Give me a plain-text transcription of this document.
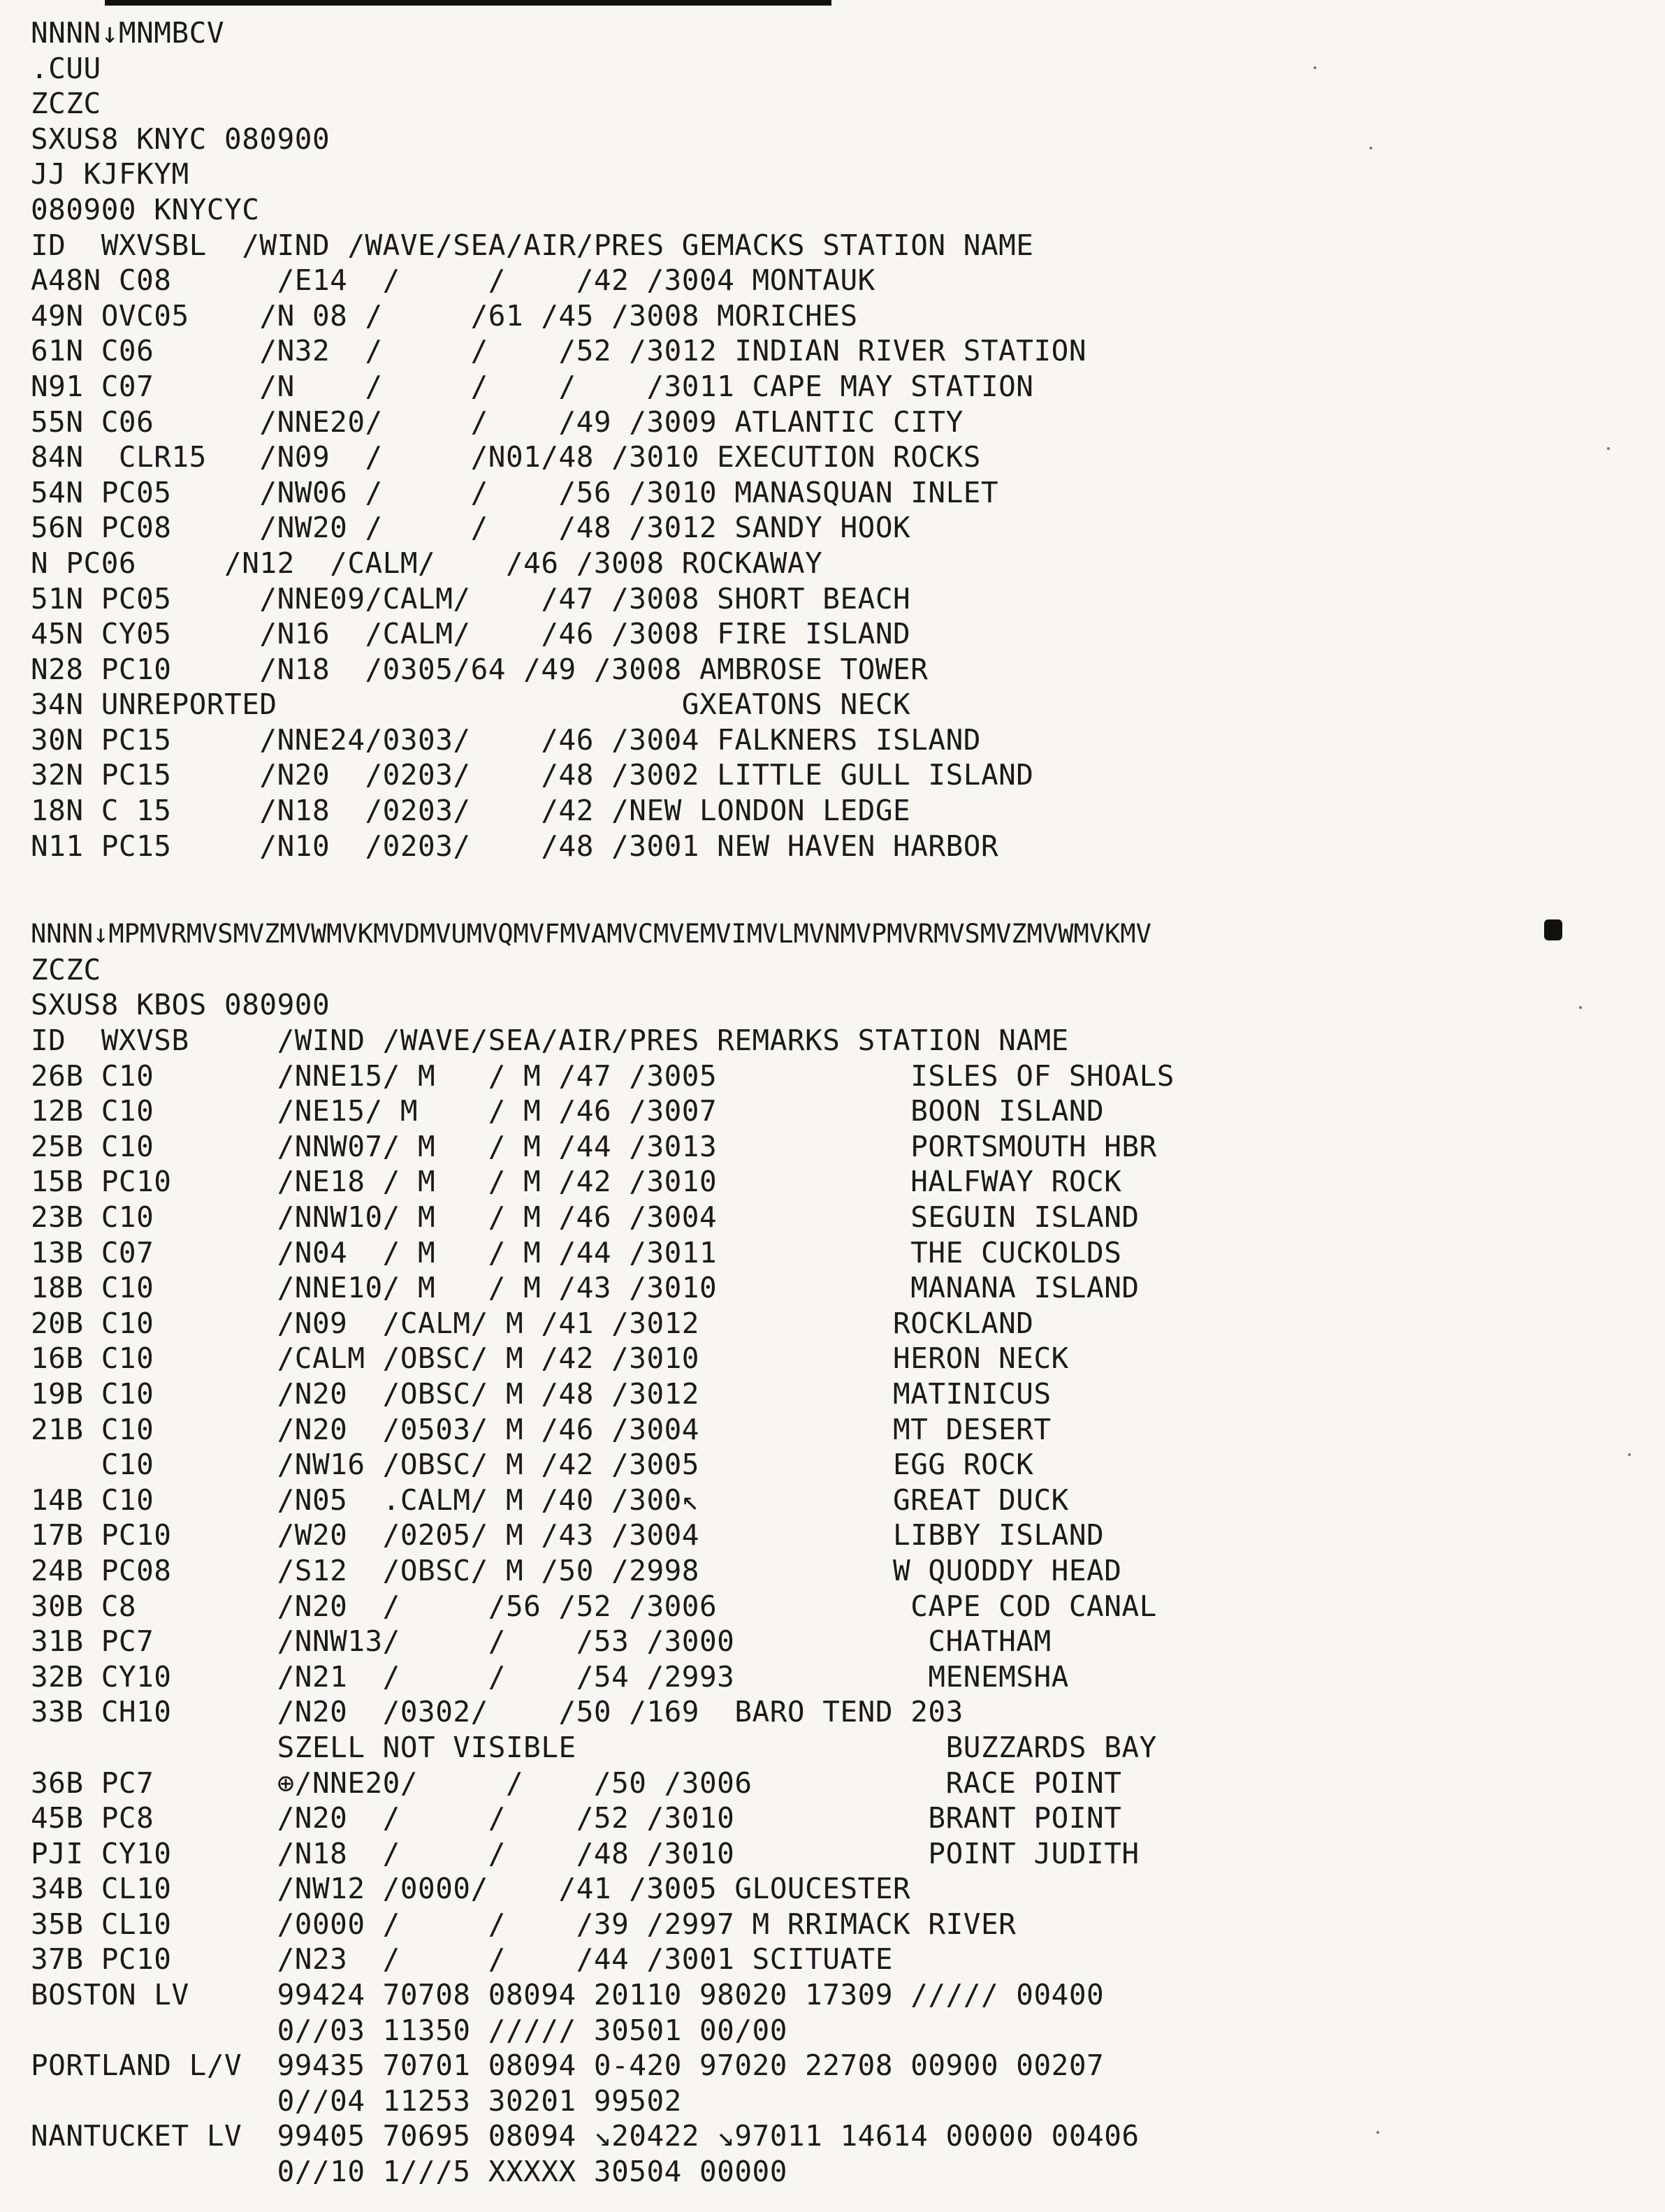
NNNN↓MNMBCV
.CUU
ZCZC
SXUS8 KNYC 080900
JJ KJFKYM
080900 KNYCYC
ID  WXVSBL  /WIND /WAVE/SEA/AIR/PRES GEMACKS STATION NAME
A48N C08      /E14  /     /    /42 /3004 MONTAUK
49N OVC05    /N 08 /     /61 /45 /3008 MORICHES
61N C06      /N32  /     /    /52 /3012 INDIAN RIVER STATION
N91 C07      /N    /     /    /    /3011 CAPE MAY STATION
55N C06      /NNE20/     /    /49 /3009 ATLANTIC CITY
84N  CLR15   /N09  /     /N01/48 /3010 EXECUTION ROCKS
54N PC05     /NW06 /     /    /56 /3010 MANASQUAN INLET
56N PC08     /NW20 /     /    /48 /3012 SANDY HOOK
N PC06     /N12  /CALM/    /46 /3008 ROCKAWAY
51N PC05     /NNE09/CALM/    /47 /3008 SHORT BEACH
45N CY05     /N16  /CALM/    /46 /3008 FIRE ISLAND
N28 PC10     /N18  /0305/64 /49 /3008 AMBROSE TOWER
34N UNREPORTED                       GXEATONS NECK
30N PC15     /NNE24/0303/    /46 /3004 FALKNERS ISLAND
32N PC15     /N20  /0203/    /48 /3002 LITTLE GULL ISLAND
18N C 15     /N18  /0203/    /42 /NEW LONDON LEDGE
N11 PC15     /N10  /0203/    /48 /3001 NEW HAVEN HARBOR
NNNN↓MPMVRMVSMVZMVWMVKMVDMVUMVQMVFMVAMVCMVEMVIMVLMVNMVPMVRMVSMVZMVWMVKMV
ZCZC
SXUS8 KBOS 080900
ID  WXVSB     /WIND /WAVE/SEA/AIR/PRES REMARKS STATION NAME
26B C10       /NNE15/ M   / M /47 /3005           ISLES OF SHOALS
12B C10       /NE15/ M    / M /46 /3007           BOON ISLAND
25B C10       /NNW07/ M   / M /44 /3013           PORTSMOUTH HBR
15B PC10      /NE18 / M   / M /42 /3010           HALFWAY ROCK
23B C10       /NNW10/ M   / M /46 /3004           SEGUIN ISLAND
13B C07       /N04  / M   / M /44 /3011           THE CUCKOLDS
18B C10       /NNE10/ M   / M /43 /3010           MANANA ISLAND
20B C10       /N09  /CALM/ M /41 /3012           ROCKLAND
16B C10       /CALM /OBSC/ M /42 /3010           HERON NECK
19B C10       /N20  /OBSC/ M /48 /3012           MATINICUS
21B C10       /N20  /0503/ M /46 /3004           MT DESERT
C10       /NW16 /OBSC/ M /42 /3005           EGG ROCK
14B C10       /N05  .CALM/ M /40 /300↖           GREAT DUCK
17B PC10      /W20  /0205/ M /43 /3004           LIBBY ISLAND
24B PC08      /S12  /OBSC/ M /50 /2998           W QUODDY HEAD
30B C8        /N20  /     /56 /52 /3006           CAPE COD CANAL
31B PC7       /NNW13/     /    /53 /3000           CHATHAM
32B CY10      /N21  /     /    /54 /2993           MENEMSHA
33B CH10      /N20  /0302/    /50 /169  BARO TEND 203
SZELL NOT VISIBLE                     BUZZARDS BAY
36B PC7       ⊕/NNE20/     /    /50 /3006           RACE POINT
45B PC8       /N20  /     /    /52 /3010           BRANT POINT
PJI CY10      /N18  /     /    /48 /3010           POINT JUDITH
34B CL10      /NW12 /0000/    /41 /3005 GLOUCESTER
35B CL10      /0000 /     /    /39 /2997 M RRIMACK RIVER
37B PC10      /N23  /     /    /44 /3001 SCITUATE
BOSTON LV     99424 70708 08094 20110 98020 17309 ///// 00400
0//03 11350 ///// 30501 00/00
PORTLAND L/V  99435 70701 08094 0-420 97020 22708 00900 00207
0//04 11253 30201 99502
NANTUCKET LV  99405 70695 08094 ↘20422 ↘97011 14614 00000 00406
0//10 1///5 XXXXX 30504 00000
